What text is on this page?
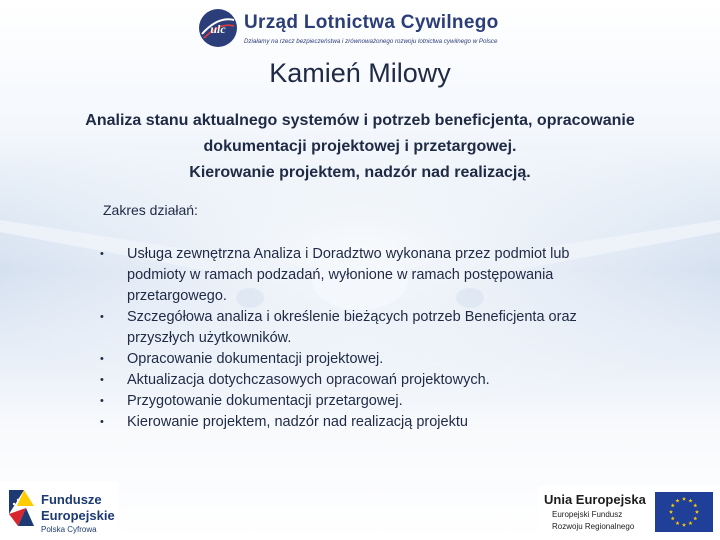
ulc Urząd Lotnictwa Cywilnego
Działamy na rzecz bezpieczeństwa i zrównoważonego rozwoju lotnictwa cywilnego w Polsce
Kamień Milowy
Analiza stanu aktualnego systemów i potrzeb beneficjenta, opracowanie
dokumentacji projektowej i przetargowej.
Kierowanie projektem, nadzór nad realizacją.
Zakres działań:
• Usługa zewnętrzna Analiza i Doradztwo wykonana przez podmiot lub podmioty w ramach podzadań, wyłonione w ramach postępowania przetargowego.
• Szczegółowa analiza i określenie bieżących potrzeb Beneficjenta oraz przyszłych użytkowników.
• Opracowanie dokumentacji projektowej.
• Aktualizacja dotychczasowych opracowań projektowych.
• Przygotowanie dokumentacji przetargowej.
• Kierowanie projektem, nadzór nad realizacją projektu
Fundusze
Europejskie
Polska Cyfrowa
Unia Europejska
Europejski Fundusz
Rozwoju Regionalnego
